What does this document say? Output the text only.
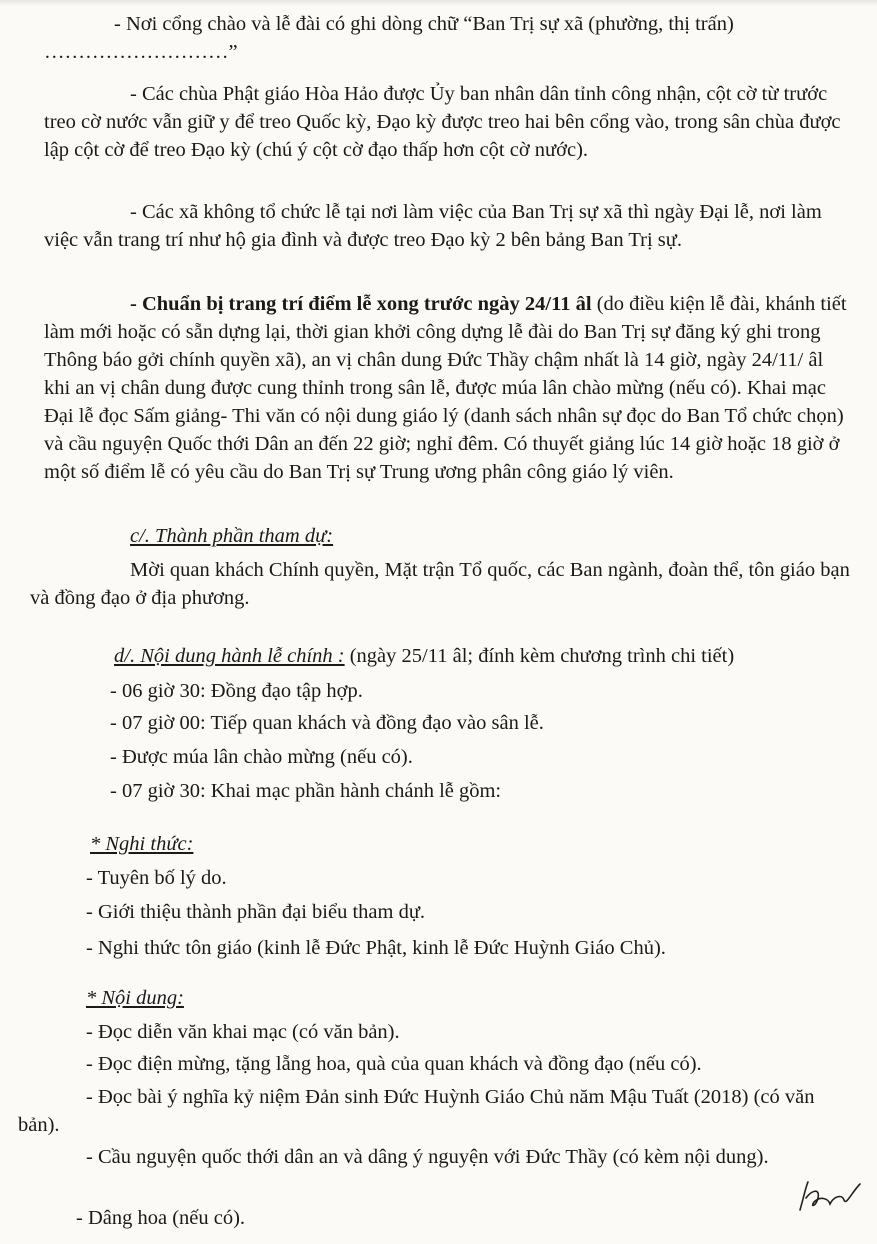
- Nơi cổng chào và lễ đài có ghi dòng chữ “Ban Trị sự xã (phường, thị trấn)

………………………”

- Các chùa Phật giáo Hòa Hảo được Ủy ban nhân dân tỉnh công nhận, cột cờ từ trước treo cờ nước vẫn giữ y để treo Quốc kỳ, Đạo kỳ được treo hai bên cổng vào, trong sân chùa được lập cột cờ để treo Đạo kỳ (chú ý cột cờ đạo thấp hơn cột cờ nước).

- Các xã không tổ chức lễ tại nơi làm việc của Ban Trị sự xã thì ngày Đại lễ, nơi làm việc vẫn trang trí như hộ gia đình và được treo Đạo kỳ 2 bên bảng Ban Trị sự.

- Chuẩn bị trang trí điểm lễ xong trước ngày 24/11 âl (do điều kiện lễ đài, khánh tiết làm mới hoặc có sẵn dựng lại, thời gian khởi công dựng lễ đài do Ban Trị sự đăng ký ghi trong Thông báo gởi chính quyền xã), an vị chân dung Đức Thầy chậm nhất là 14 giờ, ngày 24/11/ âl khi an vị chân dung được cung thỉnh trong sân lễ, được múa lân chào mừng (nếu có). Khai mạc Đại lễ đọc Sấm giảng- Thi văn có nội dung giáo lý (danh sách nhân sự đọc do Ban Tổ chức chọn) và cầu nguyện Quốc thới Dân an đến 22 giờ; nghỉ đêm. Có thuyết giảng lúc 14 giờ hoặc 18 giờ ở một số điểm lễ có yêu cầu do Ban Trị sự Trung ương phân công giáo lý viên.

c/. Thành phần tham dự:

Mời quan khách Chính quyền, Mặt trận Tổ quốc, các Ban ngành, đoàn thể, tôn giáo bạn và đồng đạo ở địa phương.

d/. Nội dung hành lễ chính : (ngày 25/11 âl; đính kèm chương trình chi tiết)

- 06 giờ 30: Đồng đạo tập hợp.

- 07 giờ 00: Tiếp quan khách và đồng đạo vào sân lễ.

- Được múa lân chào mừng (nếu có).

- 07 giờ 30: Khai mạc phần hành chánh lễ gồm:

* Nghi thức:

- Tuyên bố lý do.

- Giới thiệu thành phần đại biểu tham dự.

- Nghi thức tôn giáo (kinh lễ Đức Phật, kinh lễ Đức Huỳnh Giáo Chủ).

* Nội dung:

- Đọc diễn văn khai mạc (có văn bản).

- Đọc điện mừng, tặng lẵng hoa, quà của quan khách và đồng đạo (nếu có).

- Đọc bài ý nghĩa kỷ niệm Đản sinh Đức Huỳnh Giáo Chủ năm Mậu Tuất (2018) (có văn bản).

- Cầu nguyện quốc thới dân an và dâng ý nguyện với Đức Thầy (có kèm nội dung).

- Dâng hoa (nếu có).
